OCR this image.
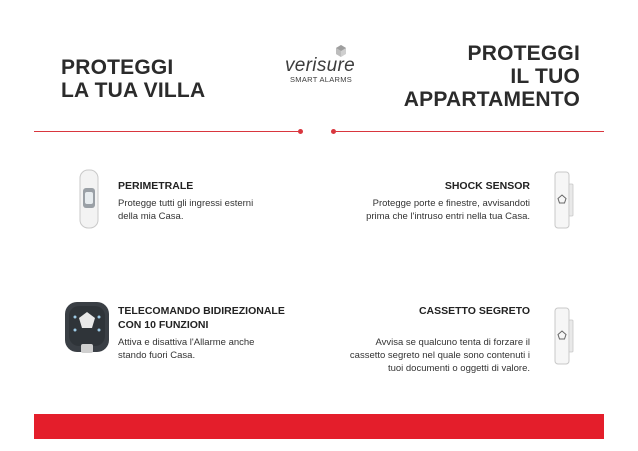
PROTEGGI
LA TUA VILLA
PROTEGGI
IL TUO
APPARTAMENTO
verisure
SMART ALARMS
PERIMETRALE
Protegge tutti gli ingressi esterni della mia Casa.
TELECOMANDO BIDIREZIONALE CON 10 FUNZIONI
Attiva e disattiva l'Allarme anche stando fuori Casa.
SHOCK SENSOR
Protegge porte e finestre, avvisandoti prima che l'intruso entri nella tua Casa.
CASSETTO SEGRETO
Avvisa se qualcuno tenta di forzare il cassetto segreto nel quale sono contenuti i tuoi documenti o oggetti di valore.
